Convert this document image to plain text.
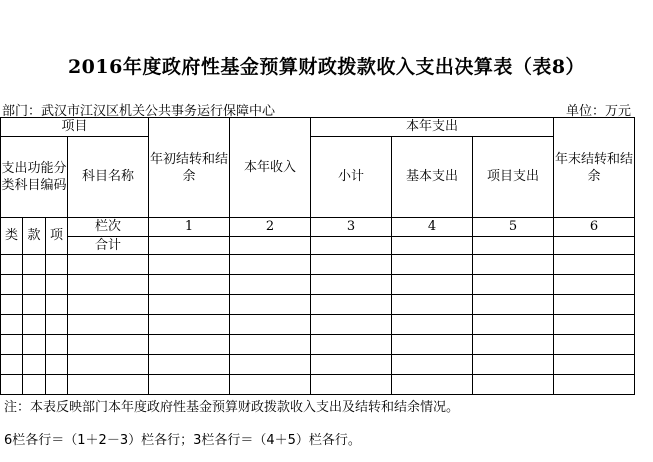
2016年度政府性基金预算财政拨款收入支出决算表（表8）
部门：武汉市江汉区机关公共事务运行保障中心	单位：万元
项目				年初结转和结余	本年收入	本年支出			年末结转和结余
支出功能分类科目编码			科目名称			小计	基本支出	项目支出	

类	款	项	栏次	1	2	3	4	5	6
			合计						

注：本表反映部门本年度政府性基金预算财政拨款收入支出及结转和结余情况。
6栏各行＝（1＋2－3）栏各行；3栏各行＝（4＋5）栏各行。
